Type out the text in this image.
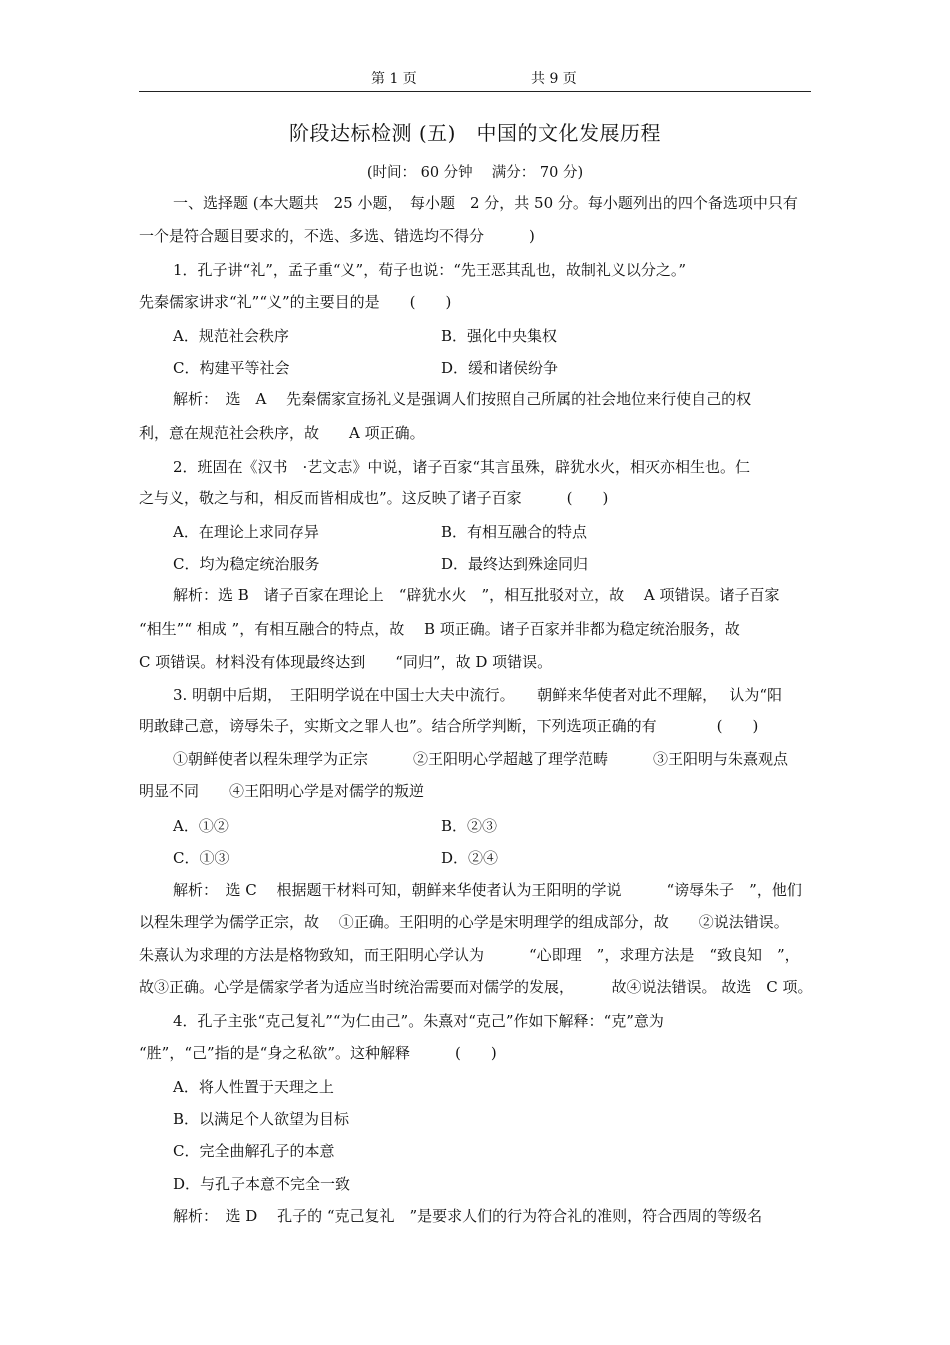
第 1 页	共 9 页
阶段达标检测 (五)　中国的文化发展历程
(时间： 60 分钟　 满分： 70 分)
一、选择题 (本大题共　25 小题，　每小题　2 分，共 50 分。每小题列出的四个备选项中只有
一个是符合题目要求的，不选、多选、错选均不得分　　　)
1．孔子讲“礼”，孟子重“义”，荀子也说：“先王恶其乱也，故制礼义以分之。”
先秦儒家讲求“礼”“义”的主要目的是　　(　　)
A．规范社会秩序	B．强化中央集权
C．构建平等社会	D．缓和诸侯纷争
解析：　选　A　 先秦儒家宣扬礼义是强调人们按照自己所属的社会地位来行使自己的权
利，意在规范社会秩序，故　　A 项正确。
2．班固在《汉书　·艺文志》中说，诸子百家“其言虽殊，辟犹水火，相灭亦相生也。仁
之与义，敬之与和，相反而皆相成也”。这反映了诸子百家　　　(　　)
A．在理论上求同存异	B．有相互融合的特点
C．均为稳定统治服务	D．最终达到殊途同归
解析：选 B　诸子百家在理论上　“辟犹水火　”，相互批驳对立，故　 A 项错误。诸子百家
“相生”“ 相成 ”，有相互融合的特点，故　 B 项正确。诸子百家并非都为稳定统治服务，故
C 项错误。材料没有体现最终达到　　“同归”，故 D 项错误。
3. 明朝中后期，　王阳明学说在中国士大夫中流行。　　朝鲜来华使者对此不理解，　 认为“阳
明敢肆己意，谤辱朱子，实斯文之罪人也”。结合所学判断，下列选项正确的有　　　　(　　)
①朝鲜使者以程朱理学为正宗　　　②王阳明心学超越了理学范畴　　　③王阳明与朱熹观点
明显不同　　④王阳明心学是对儒学的叛逆
A．①②	B．②③
C．①③	D．②④
解析：　选 C　 根据题干材料可知，朝鲜来华使者认为王阳明的学说　　　“谤辱朱子　”，他们
以程朱理学为儒学正宗，故　 ①正确。王阳明的心学是宋明理学的组成部分，故　　②说法错误。
朱熹认为求理的方法是格物致知，而王阳明心学认为　　　“心即理　”，求理方法是　“致良知　”，
故③正确。心学是儒家学者为适应当时统治需要而对儒学的发展，　　　故④说法错误。 故选　C 项。
4．孔子主张“克己复礼”“为仁由己”。朱熹对“克己”作如下解释：“克”意为
“胜”，“己”指的是“身之私欲”。这种解释　　　(　　)
A．将人性置于天理之上
B．以满足个人欲望为目标
C．完全曲解孔子的本意
D．与孔子本意不完全一致
解析：　选 D　 孔子的 “克己复礼　”是要求人们的行为符合礼的准则，符合西周的等级名
